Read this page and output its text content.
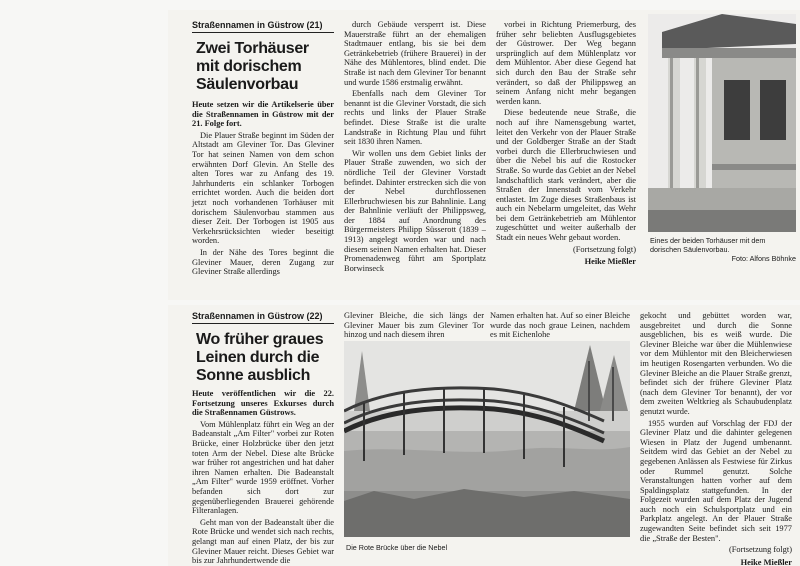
Straßennamen in Güstrow (21)
Zwei Torhäuser
mit dorischem
Säulenvorbau

Heute setzen wir die Artikelserie über die Straßennamen in Güstrow mit der 21. Folge fort.

Die Plauer Straße beginnt im Süden der Altstadt am Gleviner Tor. Das Gleviner Tor hat seinen Namen von dem schon erwähnten Dorf Glevin. An Stelle des alten Tores war zu Anfang des 19. Jahrhunderts ein schlanker Torbogen errichtet worden. Auch die beiden dort jetzt noch vorhandenen Torhäuser mit dorischem Säulenvorbau stammen aus dieser Zeit. Der Torbogen ist 1905 aus Verkehrsrücksichten wieder beseitigt worden.

In der Nähe des Tores beginnt die Gleviner Mauer, deren Zugang zur Gleviner Straße allerdings

durch Gebäude versperrt ist. Diese Mauerstraße führt an der ehemaligen Stadtmauer entlang, bis sie bei dem Getränkebetrieb (frühere Brauerei) in der Nähe des Mühlentores, blind endet. Die Straße ist nach dem Gleviner Tor benannt und wurde 1586 erstmalig erwähnt.

Ebenfalls nach dem Gleviner Tor benannt ist die Gleviner Vorstadt, die sich rechts und links der Plauer Straße befindet. Diese Straße ist die uralte Landstraße in Richtung Plau und führt seit 1830 ihren Namen.

Wir wollen uns dem Gebiet links der Plauer Straße zuwenden, wo sich der nördliche Teil der Gleviner Vorstadt befindet. Dahinter erstrecken sich die von der Nebel durchflossenen Ellerbruchwiesen bis zur Bahnlinie. Lang der Bahnlinie verläuft der Philippsweg, der 1884 auf Anordnung des Bürgermeisters Philipp Süsserott (1839 – 1913) angelegt worden war und nach diesem seinen Namen erhalten hat. Dieser Promenadenweg führt am Sportplatz Borwinseck

vorbei in Richtung Priemerburg, des früher sehr beliebten Ausflugsgebietes der Güstrower. Der Weg begann ursprünglich auf dem Mühlenplatz vor dem Mühlentor. Aber diese Gegend hat sich durch den Bau der Straße sehr verändert, so daß der Philippsweg an seinem Anfang nicht mehr begangen werden kann.

Diese bedeutende neue Straße, die noch auf ihre Namensgebung wartet, leitet den Verkehr von der Plauer Straße und der Goldberger Straße an der Stadt vorbei durch die Ellerbruchwiesen und über die Nebel bis auf die Rostocker Straße. So wurde das Gebiet an der Nebel landschaftlich stark verändert, aber die Straßen der Innenstadt vom Verkehr entlastet. Im Zuge dieses Straßenbaus ist auch ein Nebelarm umgeleitet, das Wehr bei dem Getränkebetrieb am Mühlentor zugeschüttet und weiter außerhalb der Stadt ein neues Wehr gebaut worden.

(Fortsetzung folgt)

Heike Mießler

Eines der beiden Torhäuser mit dem dorischen Säulenvorbau.
Foto: Alfons Böhnke
Straßennamen in Güstrow (22)
Wo früher graues
Leinen durch die
Sonne ausblich

Heute veröffentlichen wir die 22. Fortsetzung unseres Exkurses durch die Straßennamen Güstrows.

Vom Mühlenplatz führt ein Weg an der Badeanstalt „Am Filter" vorbei zur Roten Brücke, einer Holzbrücke über den jetzt toten Arm der Nebel. Diese alte Brücke war früher rot angestrichen und hat daher ihren Namen erhalten. Die Badeanstalt „Am Filter" wurde 1959 eröffnet. Vorher befanden sich dort zur gegenüberliegenden Brauerei gehörende Filteranlagen.

Geht man von der Badeanstalt über die Rote Brücke und wendet sich nach rechts, gelangt man auf einen Platz, der bis zur Gleviner Mauer reicht. Dieses Gebiet war bis zur Jahrhundertwende die

Gleviner Bleiche, die sich längs der Gleviner Mauer bis zum Gleviner Tor hinzog und nach diesem ihren

Namen erhalten hat. Auf so einer Bleiche wurde das noch graue Leinen, nachdem es mit Eichenlohe

Die Rote Brücke über die Nebel

gekocht und gebüttet worden war, ausgebreitet und durch die Sonne ausgeblichen, bis es weiß wurde. Die Gleviner Bleiche war über die Mühlenwiese vor dem Mühlentor mit den Bleicherwiesen im heutigen Rosengarten verbunden. Wo die Gleviner Bleiche an die Plauer Straße grenzt, befindet sich der frühere Gleviner Platz (nach dem Gleviner Tor benannt), der vor dem zweiten Weltkrieg als Schaubudenplatz genutzt wurde.

1955 wurden auf Vorschlag der FDJ der Gleviner Platz und die dahinter gelegenen Wiesen in Platz der Jugend umbenannt. Seitdem wird das Gebiet an der Nebel zu gegebenen Anlässen als Festwiese für Zirkus oder Rummel genutzt. Solche Veranstaltungen hatten vorher auf dem Spaldingsplatz stattgefunden. In der Folgezeit wurden auf dem Platz der Jugend auch noch ein Schulsportplatz und ein Parkplatz angelegt. An der Plauer Straße zugewandten Seite befindet sich seit 1977 die „Straße der Besten".

(Fortsetzung folgt)

Heike Mießler
